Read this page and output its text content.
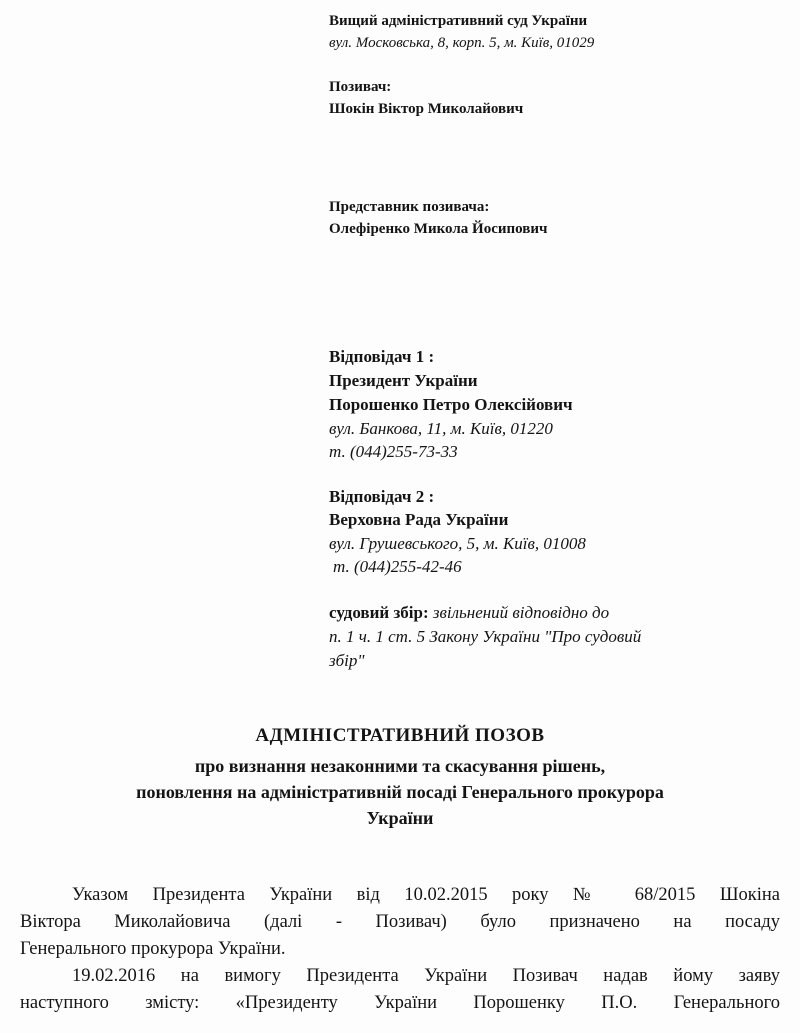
Вищий адміністративний суд України
вул. Московська, 8, корп. 5, м. Київ, 01029
Позивач:
Шокін Віктор Миколайович
Представник позивача:
Олефіренко Микола Йосипович
Відповідач 1 :
Президент України
Порошенко Петро Олексійович
вул. Банкова, 11, м. Київ, 01220
т. (044)255-73-33
Відповідач 2 :
Верховна Рада України
вул. Грушевського, 5, м. Київ, 01008
т. (044)255-42-46
судовий збір: звільнений відповідно до
п. 1 ч. 1 ст. 5 Закону України "Про судовий
збір"
АДМІНІСТРАТИВНИЙ ПОЗОВ
про визнання незаконними та скасування рішень,
поновлення на адміністративній посаді Генерального прокурора
України
Указом Президента України від 10.02.2015 року № 68/2015 Шокіна
Віктора Миколайовича (далі - Позивач) було призначено на посаду
Генерального прокурора України.
19.02.2016 на вимогу Президента України Позивач надав йому заяву
наступного змісту: «Президенту України Порошенку П.О. Генерального
